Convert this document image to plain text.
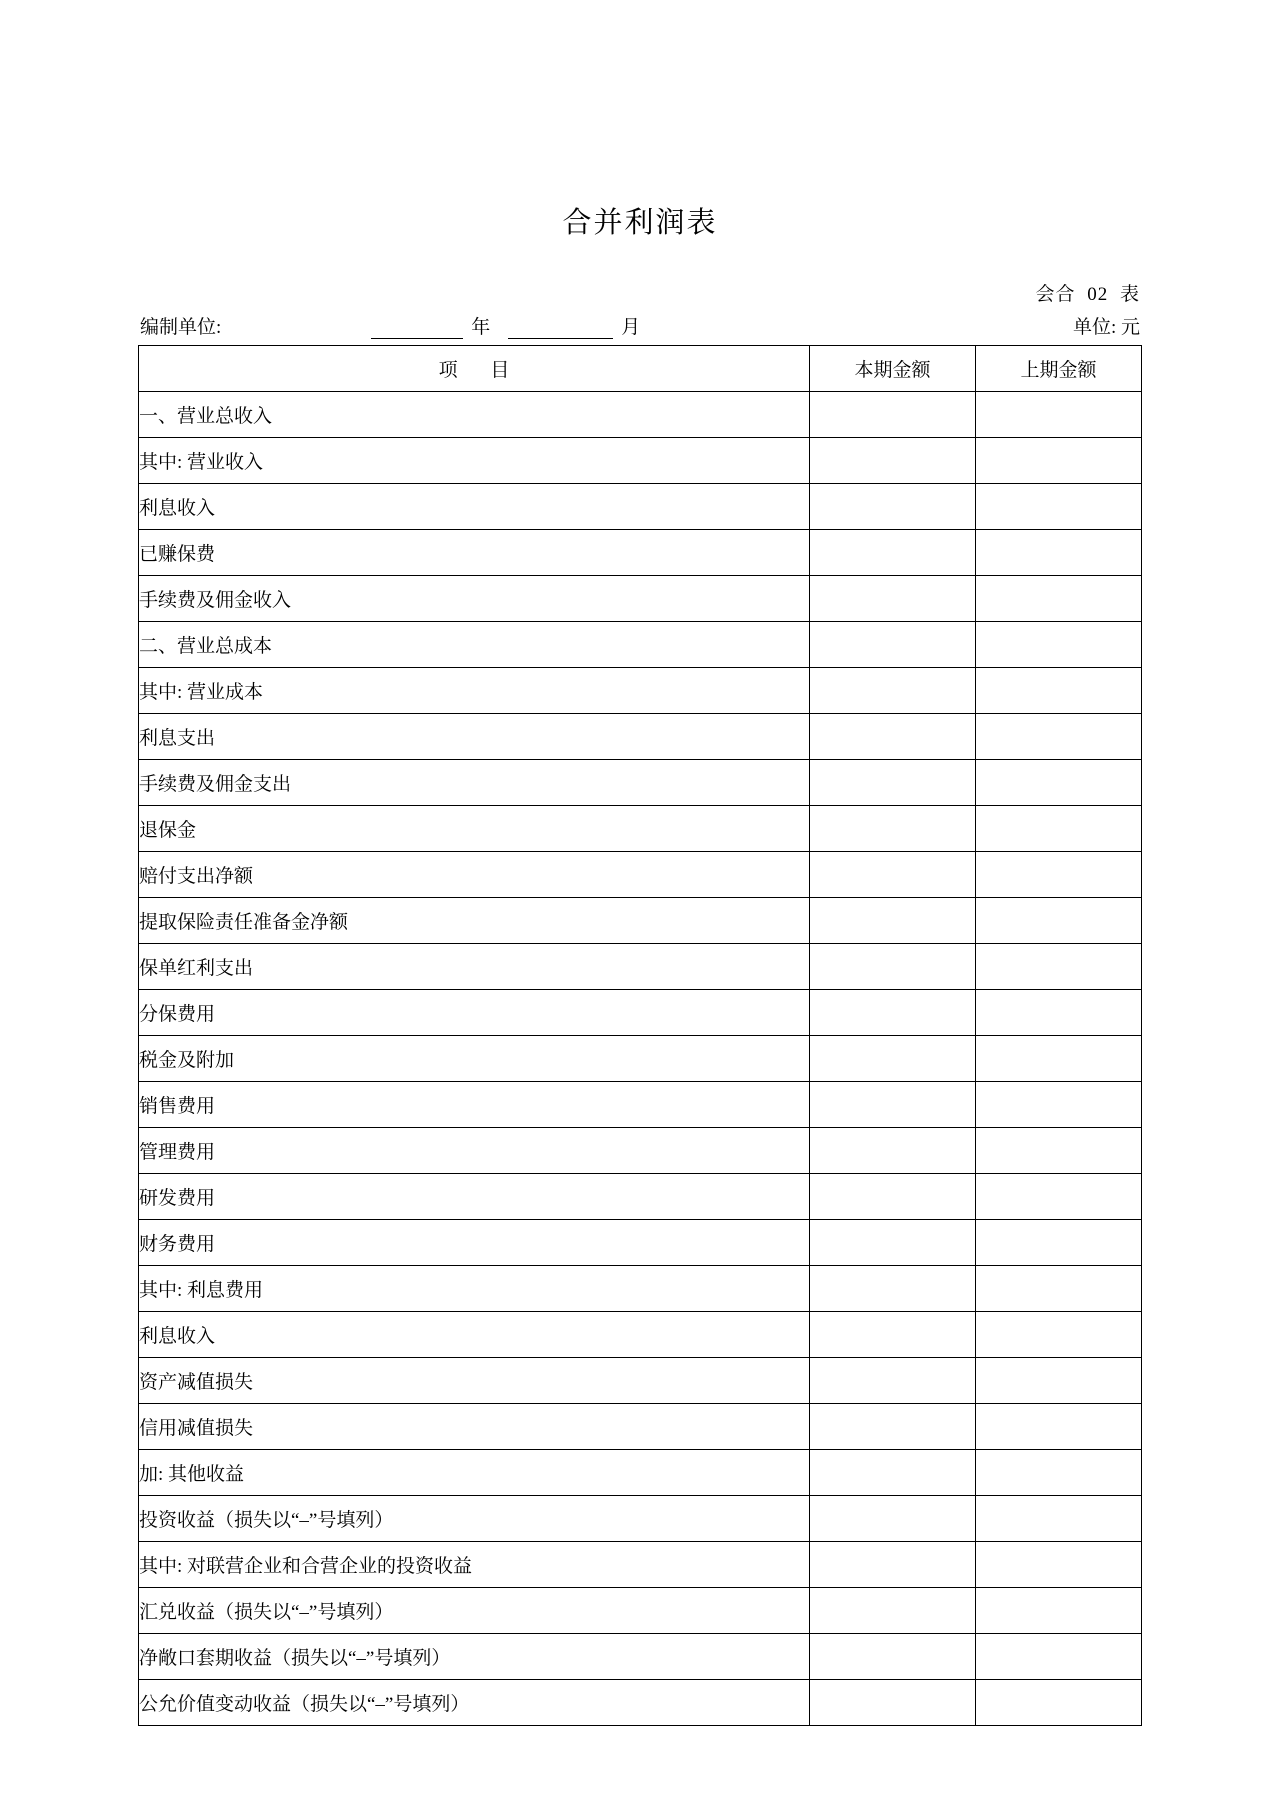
合并利润表
会合 02 表
编制单位:	年	月	单位: 元
项 目	本期金额	上期金额
一、营业总收入		
其中: 营业收入		
利息收入		
已赚保费		
手续费及佣金收入		
二、营业总成本		
其中: 营业成本		
利息支出		
手续费及佣金支出		
退保金		
赔付支出净额		
提取保险责任准备金净额		
保单红利支出		
分保费用		
税金及附加		
销售费用		
管理费用		
研发费用		
财务费用		
其中: 利息费用		
利息收入		
资产减值损失		
信用减值损失		
加: 其他收益		
投资收益（损失以“–”号填列）		
其中: 对联营企业和合营企业的投资收益		
汇兑收益（损失以“–”号填列）		
净敞口套期收益（损失以“–”号填列）		
公允价值变动收益（损失以“–”号填列）		
